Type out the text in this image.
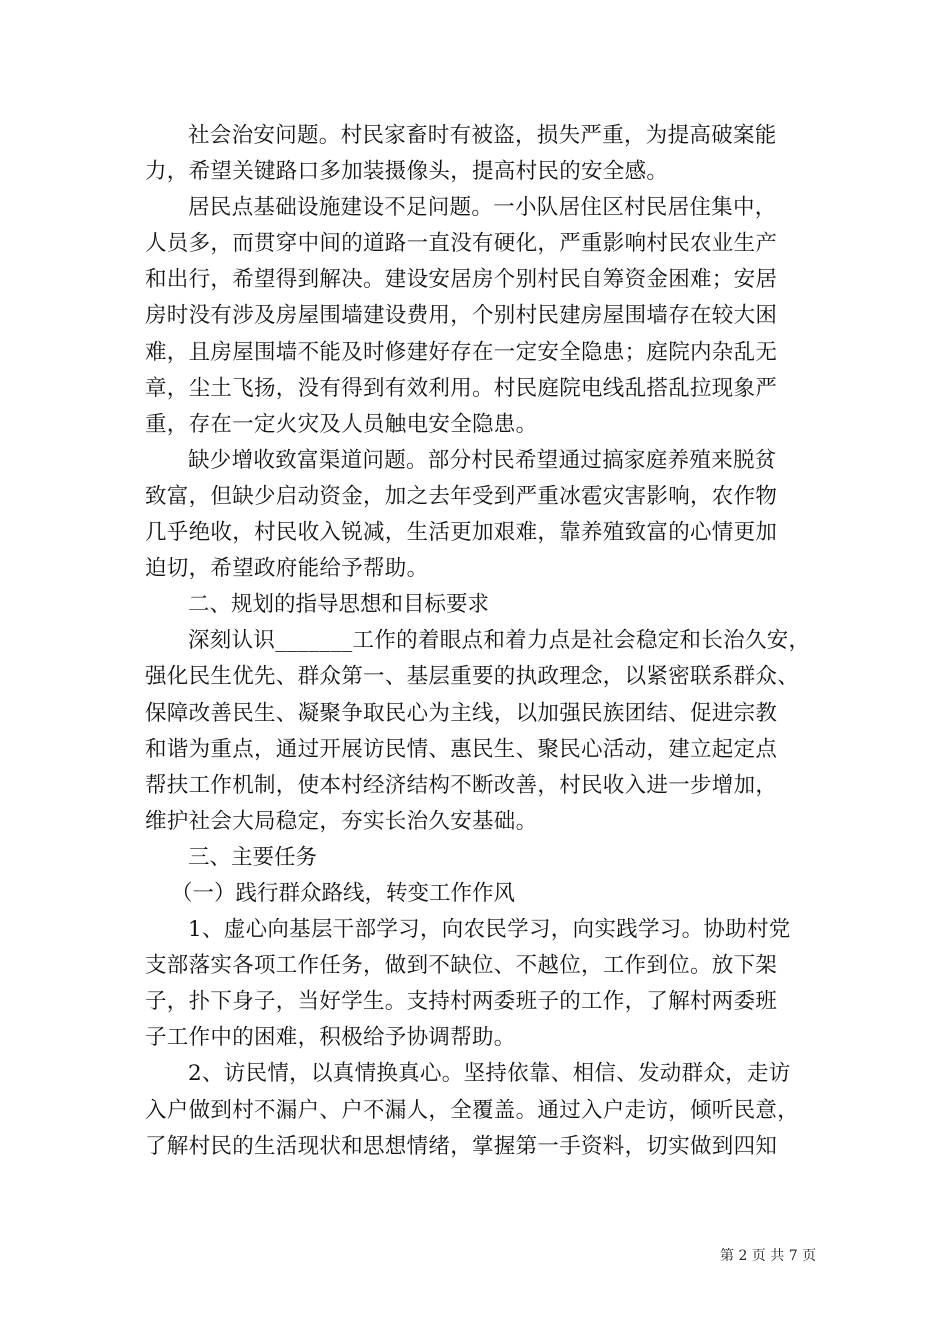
社会治安问题。村民家畜时有被盗，损失严重，为提高破案能
力，希望关键路口多加装摄像头，提高村民的安全感。

居民点基础设施建设不足问题。一小队居住区村民居住集中，
人员多，而贯穿中间的道路一直没有硬化，严重影响村民农业生产
和出行，希望得到解决。建设安居房个别村民自筹资金困难；安居
房时没有涉及房屋围墙建设费用，个别村民建房屋围墙存在较大困
难，且房屋围墙不能及时修建好存在一定安全隐患；庭院内杂乱无
章，尘土飞扬，没有得到有效利用。村民庭院电线乱搭乱拉现象严
重，存在一定火灾及人员触电安全隐患。

缺少增收致富渠道问题。部分村民希望通过搞家庭养殖来脱贫
致富，但缺少启动资金，加之去年受到严重冰雹灾害影响，农作物
几乎绝收，村民收入锐减，生活更加艰难，靠养殖致富的心情更加
迫切，希望政府能给予帮助。

二、规划的指导思想和目标要求

深刻认识_______工作的着眼点和着力点是社会稳定和长治久安，
强化民生优先、群众第一、基层重要的执政理念，以紧密联系群众、
保障改善民生、凝聚争取民心为主线，以加强民族团结、促进宗教
和谐为重点，通过开展访民情、惠民生、聚民心活动，建立起定点
帮扶工作机制，使本村经济结构不断改善，村民收入进一步增加，
维护社会大局稳定，夯实长治久安基础。

三、主要任务

（一）践行群众路线，转变工作作风

1、虚心向基层干部学习，向农民学习，向实践学习。协助村党
支部落实各项工作任务，做到不缺位、不越位，工作到位。放下架
子，扑下身子，当好学生。支持村两委班子的工作，了解村两委班
子工作中的困难，积极给予协调帮助。

2、访民情，以真情换真心。坚持依靠、相信、发动群众，走访
入户做到村不漏户、户不漏人，全覆盖。通过入户走访，倾听民意，
了解村民的生活现状和思想情绪，掌握第一手资料，切实做到四知

第 2 页 共 7 页
